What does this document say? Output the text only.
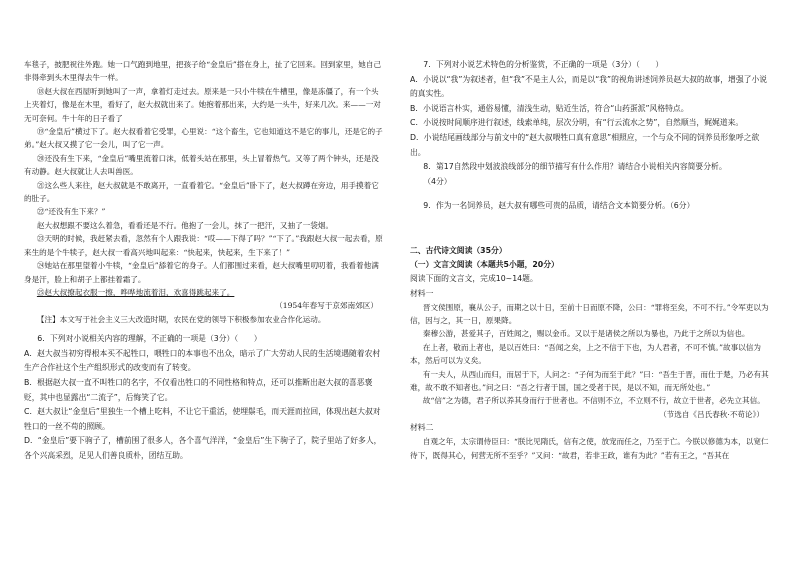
车毯子，披肥祝往外跑。她一口气跑到地里，把孩子给“金皇后”搭在身上，扯了它回来。回到家里，她自己非得牵到头木里得去牛一样。

⑱赵大叔在西屋听到她叫了一声，拿着灯走过去。原来是一只小牛犊在牛槽里，像是冻僵了，有一个头上夹着灯，像是在木里，看好了，赵大叔就出来了。她抱着那出来，大约是一头牛，好来几次。来——一对无可奈何。牛十年的日子看了

⑲“金皇后”横过下了。赵大叔看着它受罪，心里说：“这个畜生，它也知道这不是它的事儿，还是它的子弟。”赵大叔又摸了它一会儿，叫了它一声。

⑳还没有生下来，“金皇后”嘴里流着口沫，低着头站在那里，头上冒着热气。又等了两个钟头，还是没有动静。赵大叔就让人去叫兽医。

㉑这么些人来往，赵大叔就是不敢离开，一直看着它。“金皇后”卧下了，赵大叔蹲在旁边，用手摸着它的肚子。

㉒“还没有生下来？”

赵大叔想跟不要这么着急，看看还是不行。他抱了一会儿，抹了一把汗，又抽了一袋烟。

㉓天明的时候，我赶紧去看，忽然有个人跟我说：“哎——下得了吗？”“下了。”我跟赵大叔一起去看，原来生的是个牛犊子，赵大叔一看高兴地叫起来：“快起来，快起来，生下来了！”

㉔她站在那里望着小牛犊，“金皇后”舔着它的身子。人们都围过来看，赵大叔嘴里叨叨着，我看着他满身是汗，脸上和胡子上都挂着霜了。

㉕赵大叔撩起衣服一擦，哗哗地流着泪，欢喜得跳起来了。

（1954年春写于京郊南郊区）

【注】本文写于社会主义三大改造时期，农民在党的领导下积极参加农业合作化运动。

6．下列对小说相关内容的理解，不正确的一项是（3分）（　　）

A．赵大叔当初穷得根本买不起牲口，喂牲口的本事也不出众，暗示了广大劳动人民的生活境遇随着农村生产合作社这个生产组织形式的改变而有了转变。

B．根据赵大叔一直不叫牲口的名字，不仅看出牲口的不同性格和特点，还可以推断出赵大叔的喜恶褒贬，其中也显露出“二流子”，后悔笑了它。

C．赵大叔让“金皇后”里独生一个槽上吃料，不让它干重活，使埋鬃毛，而天涯而拉回，体现出赵大叔对牲口的一丝不苟的照顾。

D．“金皇后”要下驹子了，槽前围了很多人，各个喜气洋洋，“金皇后”生下驹子了，院子里站了好多人，各个兴高采烈，足见人们善良质朴，团结互助。

7．下列对小说艺术特色的分析鉴赏，不正确的一项是（3分）（　　）

A．小说以“我”为叙述者，但“我”不是主人公，而是以“我”的视角讲述饲养员赵大叔的故事，增强了小说的真实性。

B．小说语言朴实，通俗易懂，清浅生动，贴近生活，符合“山药蛋派”风格特点。

C．小说按时间顺序进行叙述，线索单纯，层次分明，有“行云流水之势”，自然顺当，娓娓道来。

D．小说结尾画线部分与前文中的“赵大叔喂牲口真有意思”相照应，一个与众不同的饲养员形象呼之欲出。

8．第17自然段中划波浪线部分的细节描写有什么作用？请结合小说相关内容简要分析。

（4分）

9．作为一名饲养员，赵大叔有哪些可贵的品质，请结合文本简要分析。（6分）

二、古代诗文阅读（35分）

（一）文言文阅读（本题共5小题，20分）

阅读下面的文言文，完成10~14题。

材料一

晋文侯围原，襄从公子，而期之以十日，至前十日而原不降，公曰：“罪将至矣，不可不行。”令军吏以为信，因与之，其一日，原果降。

秦穆公游，甚爱其子，百姓闻之，赐以金币。又以于是诸侯之所以为暴也，乃此于之所以为信也。

在上者，敬而上者也，是以百姓曰：“吾闻之矣，上之不信于下也，为人君者，不可不慎。”故事以信为本，然后可以为义矣。

有一夫人，从西山而归，而居于下，人问之：“子何为而至于此？”曰：“吾生于晋，而仕于楚，乃必有其难，故不敢不知者也。”问之曰：“吾之行者于国，国之受者于民，是以不知，而无所处也。”

故“信”之为德，君子所以养其身而行于世者也。不信则不立，不立则不行，故立于世者，必先立其信。

（节选自《吕氏春秋·不苟论》）

材料二

自观之年，太宗谓侍臣曰：“朕比见隋氏，信有之使，放宠而任之，乃至于亡。今朕以修德为本，以宽仁待下，既得其心，何营无所不至乎？”又问：“故君，若非王政，谁有为此？”若有王之，“吾其在
